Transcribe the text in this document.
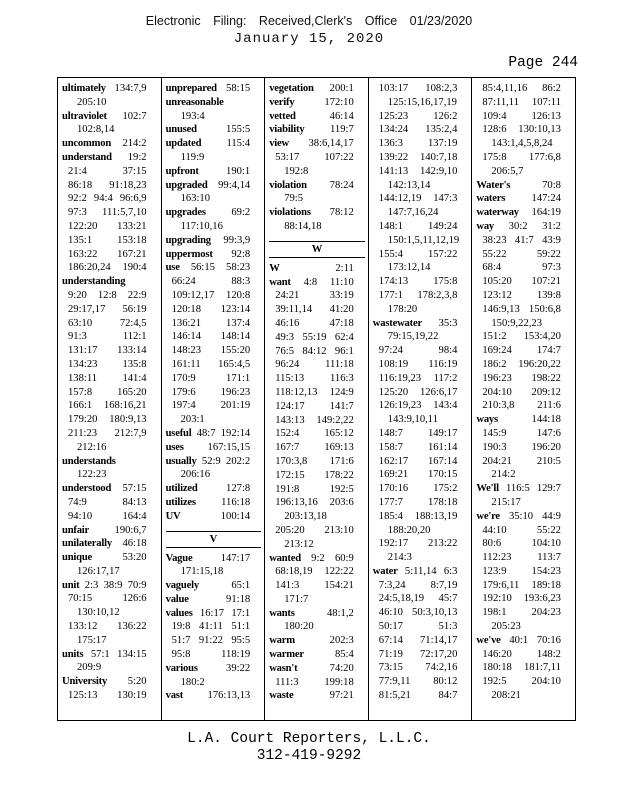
Electronic Filing: Received,Clerk's Office 01/23/2020
January 15, 2020
Page 244
ultimately 134:7,9
205:10
ultraviolet 102:7
102:8,14
uncommon 214:2
understand 19:2
21:4	37:15
86:18 91:18,23
92:2 94:4 96:6,9
97:3 111:5,7,10
122:20 133:21
135:1 153:18
163:22 167:21
186:20,24 190:4
understanding
9:20 12:8 22:9
29:17,17 56:19
63:10	72:4,5
91:3	112:1
131:17 133:14
134:23 135:8
138:11 141:4
157:8 165:20
166:1 168:16,21
179:20 180:9,13
211:23 212:7,9
212:16
understands
122:23
understood 57:15
74:9	84:13
94:10	164:4
unfair 190:6,7
unilaterally 46:18
unique	53:20
126:17,17
unit 2:3 38:9 70:9
70:15	126:6
130:10,12
133:12 136:22
175:17
units 57:1 134:15
209:9
University 5:20
125:13 130:19
unprepared 58:15
unreasonable
193:4
unused	155:5
updated 115:4
119:9
upfront	190:1
upgraded 99:4,14
163:10
upgrades 69:2
117:10,16
upgrading 99:3,9
uppermost 92:8
use 56:15 58:23
66:24	88:3
109:12,17 120:8
120:18 123:14
136:21 137:4
146:14 148:14
148:23 155:20
161:11 165:4,5
170:9	171:1
179:6 196:23
197:4 201:19
203:1
useful 48:7 192:14
uses 167:15,15
usually 52:9 202:2
206:16
utilized	127:8
utilizes 116:18
UV	100:14
V
Vague	147:17
171:15,18
vaguely	65:1
value	91:18
values 16:17 17:1
19:8 41:11 51:1
51:7 91:22 95:5
95:8	118:19
various	39:22
180:2
vast 176:13,13
vegetation 200:1
verify	172:10
vetted	46:14
viability 119:7
view 38:6,14,17
53:17 107:22
192:8
violation 78:24
79:5
violations 78:12
88:14,18
W
W	2:11
want 4:8 11:10
24:21	33:19
39:11,14 41:20
46:16	47:18
49:3 55:19 62:4
76:5 84:12 96:1
96:24 111:18
115:13 116:3
118:12,13 124:9
124:17 141:7
143:13 149:2,22
152:4 165:12
167:7 169:13
170:3,8 171:6
172:15 178:22
191:8	192:5
196:13,16 203:6
203:13,18
205:20 213:10
213:12
wanted 9:2 60:9
68:18,19 122:22
141:3 154:21
171:7
wants	48:1,2
180:20
warm	202:3
warmer	85:4
wasn't	74:20
111:3 199:18
waste	97:21
103:17 108:2,3
125:15,16,17,19
125:23 126:2
134:24 135:2,4
136:3 137:19
139:22 140:7,18
141:13 142:9,10
142:13,14
144:12,19 147:3
147:7,16,24
148:1 149:24
150:1,5,11,12,19
155:4 157:22
173:12,14
174:13 175:8
177:1 178:2,3,8
178:20
wastewater 35:3
79:15,19,22
97:24	98:4
108:19 116:19
116:19,23 117:2
125:20 126:6,17
126:19,23 143:4
143:9,10,11
148:7 149:17
158:7 161:14
162:17 167:14
169:21 170:15
170:16 175:2
177:7 178:18
185:4 188:13,19
188:20,20
192:17 213:22
214:3
water 5:11,14 6:3
7:3,24 8:7,19
24:5,18,19 45:7
46:10 50:3,10,13
50:17	51:3
67:14 71:14,17
71:19 72:17,20
73:15 74:2,16
77:9,11 80:12
81:5,21	84:7
85:4,11,16 86:2
87:11,11 107:11
109:4 126:13
128:6 130:10,13
143:1,4,5,8,24
175:8 177:6,8
206:5,7
Water's	70:8
waters 147:24
waterway 164:19
way 30:2 31:2
38:23 41:7 43:9
55:22	59:22
68:4	97:3
105:20 107:21
123:12 139:8
146:9,13 150:6,8
150:9,22,23
151:2 153:4,20
169:24 174:7
186:2 196:20,22
196:23 198:22
204:10 209:12
210:3,8 211:6
ways	144:18
145:9	147:6
190:3 196:20
204:21 210:5
214:2
We'll 116:5 129:7
215:17
we're 35:10 44:9
44:10	55:22
80:6	104:10
112:23 113:7
123:9 154:23
179:6,11 189:18
192:10 193:6,23
198:1 204:23
205:23
we've 40:1 70:16
146:20 148:2
180:18 181:7,11
192:5 204:10
208:21
L.A. Court Reporters, L.L.C.
312-419-9292
